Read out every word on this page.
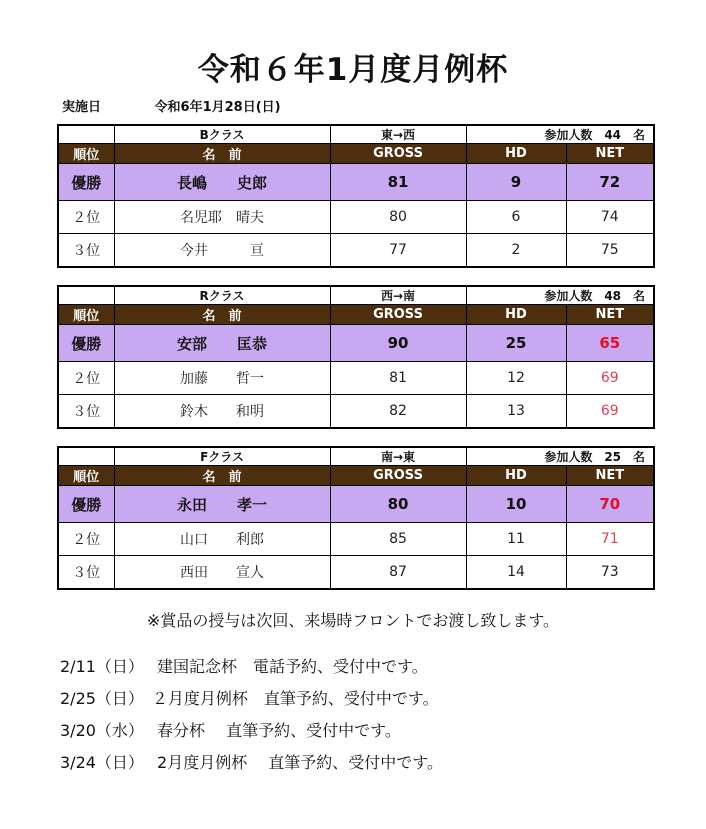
令和６年1月度月例杯
実施日	令和6年1月28日(日)
	Bクラス	東→西	参加人数　44　名	
順位	名　前	GROSS	HD	NET
優勝	長嶋　　史郎	81	9	72
２位	名児耶　晴夫	80	6	74
３位	今井　　　亘	77	2	75
	Rクラス	西→南	参加人数　48　名	
順位	名　前	GROSS	HD	NET
優勝	安部　　匡恭	90	25	65
２位	加藤　　哲一	81	12	69
３位	鈴木　　和明	82	13	69
	Fクラス	南→東	参加人数　25　名	
順位	名　前	GROSS	HD	NET
優勝	永田　　孝一	80	10	70
２位	山口　　利郎	85	11	71
３位	西田　　宣人	87	14	73
※賞品の授与は次回、来場時フロントでお渡し致します。
2/11（日）　 建国記念杯　電話予約、受付中です。
2/25（日）　２月度月例杯　直筆予約、受付中です。
3/20（水）　 春分杯　 直筆予約、受付中です。
3/24（日）　 2月度月例杯　 直筆予約、受付中です。
